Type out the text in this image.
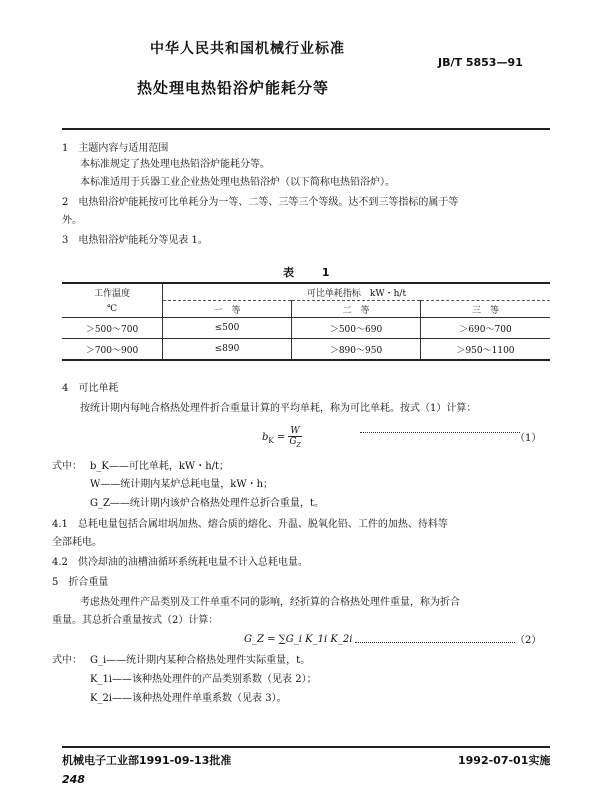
中华人民共和国机械行业标准
JB/T 5853—91
热处理电热铅浴炉能耗分等
1　主题内容与适用范围
本标准规定了热处理电热铅浴炉能耗分等。
本标准适用于兵器工业企业热处理电热铅浴炉（以下简称电热铅浴炉）。
2　电热铅浴炉能耗按可比单耗分为一等、二等、三等三个等级。达不到三等指标的属于等
外。
3　电热铅浴炉能耗分等见表 1。
表 1
工作温度	可比单耗指标　kW・h/t		
℃	一　等	二　等	三　等
＞500～700	≤500	＞500～690	＞690～700
＞700～900	≤890	＞890～950	＞950～1100
4　可比单耗
按统计期内每吨合格热处理件折合重量计算的平均单耗，称为可比单耗。按式（1）计算：
$b_K = \frac{W}{G_Z}$	（1）
式中： b_K——可比单耗，kW・h/t；
W——统计期内某炉总耗电量，kW・h；
G_Z——统计期内该炉合格热处理件总折合重量，t。
4.1　总耗电量包括合属坩埚加热、熔合质的熔化、升温、脱氧化铅、工件的加热、待料等
全部耗电。
4.2　供冷却油的油槽油循环系统耗电量不计入总耗电量。
5　折合重量
考虑热处理件产品类别及工件单重不同的影响，经折算的合格热处理件重量，称为折合
重量。其总折合重量按式（2）计算：
G_Z = ∑G_i K_1i K_2i	（2）
式中： G_i——统计期内某种合格热处理件实际重量，t。
K_1i——该种热处理件的产品类别系数（见表 2）；
K_2i——该种热处理件单重系数（见表 3）。
机械电子工业部1991-09-13批准	1992-07-01实施
248
